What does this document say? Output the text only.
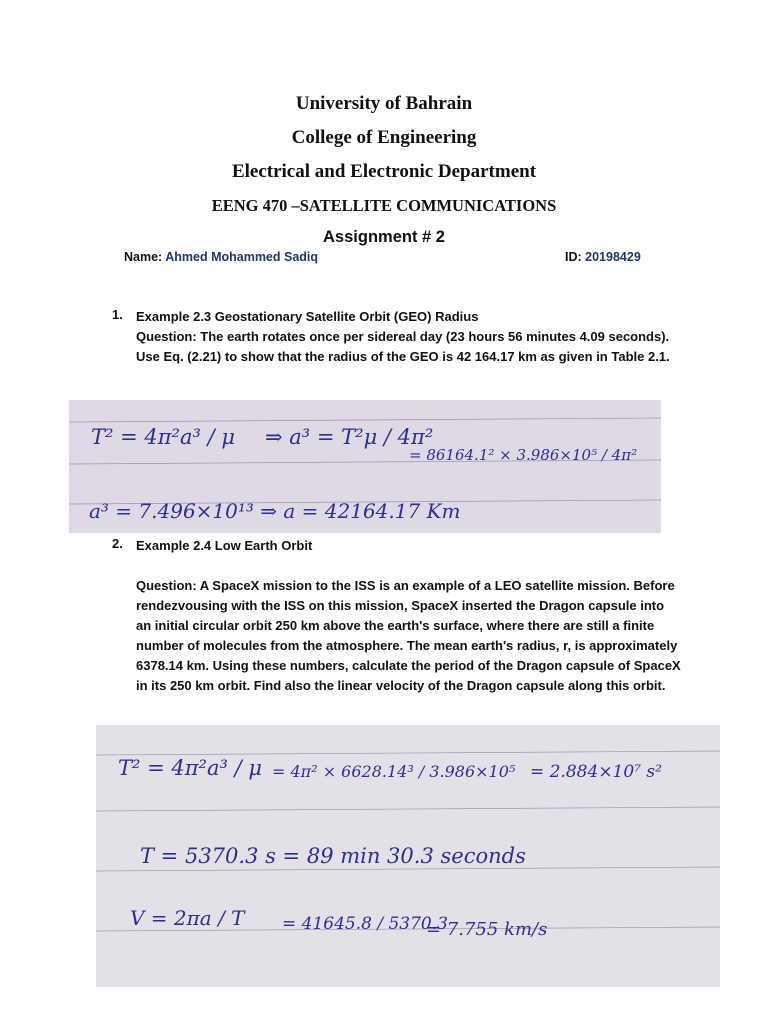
University of Bahrain
College of Engineering
Electrical and Electronic Department
EENG 470 –SATELLITE COMMUNICATIONS
Assignment # 2
Name: Ahmed Mohammed Sadiq	ID: 20198429
1. Example 2.3 Geostationary Satellite Orbit (GEO) Radius
Question: The earth rotates once per sidereal day (23 hours 56 minutes 4.09 seconds). Use Eq. (2.21) to show that the radius of the GEO is 42 164.17 km as given in Table 2.1.
T² = 4π²a³ / μ ⇒ a³ = T²μ / 4π²
= 86164.1² × 3.986×10⁵ / 4π²
a³ = 7.496×10¹³ ⇒ a = 42164.17 Km
2. Example 2.4 Low Earth Orbit
Question: A SpaceX mission to the ISS is an example of a LEO satellite mission. Before rendezvousing with the ISS on this mission, SpaceX inserted the Dragon capsule into an initial circular orbit 250 km above the earth's surface, where there are still a finite number of molecules from the atmosphere. The mean earth's radius, r, is approximately 6378.14 km. Using these numbers, calculate the period of the Dragon capsule of SpaceX in its 250 km orbit. Find also the linear velocity of the Dragon capsule along this orbit.
T² = 4π²a³ / μ = 4π² × 6628.14³ / 3.986×10⁵ = 2.884×10⁷ s²
T = 5370.3 s = 89 min 30.3 seconds
V = 2πa / T = 41645.8 / 5370.3
= 7.755 km/s
